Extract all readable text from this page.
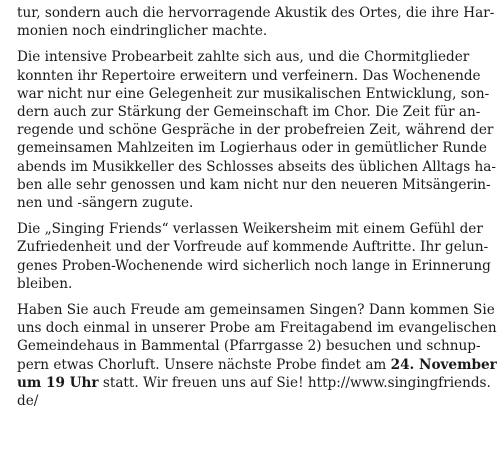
tur, sondern auch die hervorragende Akustik des Ortes, die ihre Har-
monien noch eindringlicher machte.
Die intensive Probearbeit zahlte sich aus, und die Chormitglieder
konnten ihr Repertoire erweitern und verfeinern. Das Wochenende
war nicht nur eine Gelegenheit zur musikalischen Entwicklung, son-
dern auch zur Stärkung der Gemeinschaft im Chor. Die Zeit für an-
regende und schöne Gespräche in der probefreien Zeit, während der
gemeinsamen Mahlzeiten im Logierhaus oder in gemütlicher Runde
abends im Musikkeller des Schlosses abseits des üblichen Alltags ha-
ben alle sehr genossen und kam nicht nur den neueren Mitsängerin-
nen und -sängern zugute.
Die „Singing Friends“ verlassen Weikersheim mit einem Gefühl der
Zufriedenheit und der Vorfreude auf kommende Auftritte. Ihr gelun-
genes Proben-Wochenende wird sicherlich noch lange in Erinnerung
bleiben.
Haben Sie auch Freude am gemeinsamen Singen? Dann kommen Sie
uns doch einmal in unserer Probe am Freitagabend im evangelischen
Gemeindehaus in Bammental (Pfarrgasse 2) besuchen und schnup-
pern etwas Chorluft. Unsere nächste Probe findet am 24. November
um 19 Uhr statt. Wir freuen uns auf Sie! http://www.singingfriends.
de/
